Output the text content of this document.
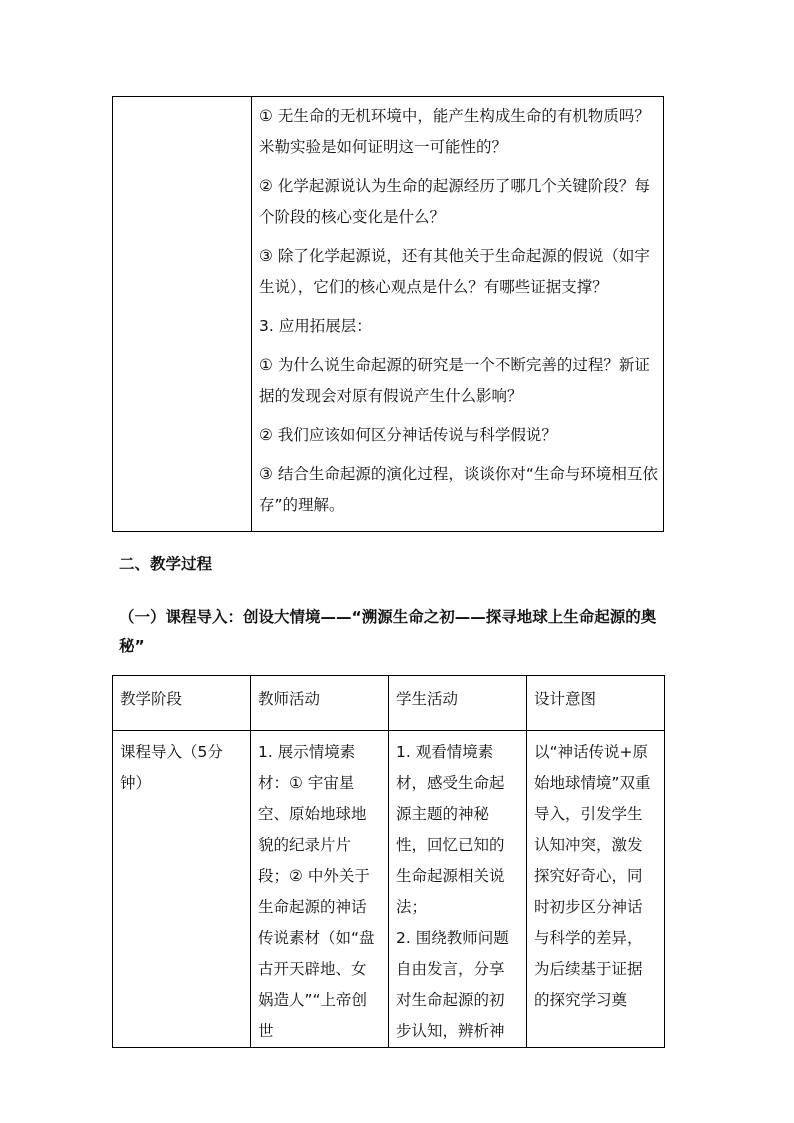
① 无生命的无机环境中，能产生构成生命的有机物质吗？米勒实验是如何证明这一可能性的？

② 化学起源说认为生命的起源经历了哪几个关键阶段？每个阶段的核心变化是什么？

③ 除了化学起源说，还有其他关于生命起源的假说（如宇生说），它们的核心观点是什么？有哪些证据支撑？

3. 应用拓展层：

① 为什么说生命起源的研究是一个不断完善的过程？新证据的发现会对原有假说产生什么影响？

② 我们应该如何区分神话传说与科学假说？

③ 结合生命起源的演化过程，谈谈你对“生命与环境相互依存”的理解。

二、教学过程
（一）课程导入：创设大情境——“溯源生命之初——探寻地球上生命起源的奥秘”
教学阶段	教师活动	学生活动	设计意图
课程导入（5分钟）	1. 展示情境素材：① 宇宙星空、原始地球地貌的纪录片片段；② 中外关于生命起源的神话传说素材（如“盘古开天辟地、女娲造人”“上帝创世	1. 观看情境素材，感受生命起源主题的神秘性，回忆已知的生命起源相关说法；
2. 围绕教师问题自由发言，分享对生命起源的初步认知，辨析神	以“神话传说+原始地球情境”双重导入，引发学生认知冲突，激发探究好奇心，同时初步区分神话与科学的差异，为后续基于证据的探究学习奠
